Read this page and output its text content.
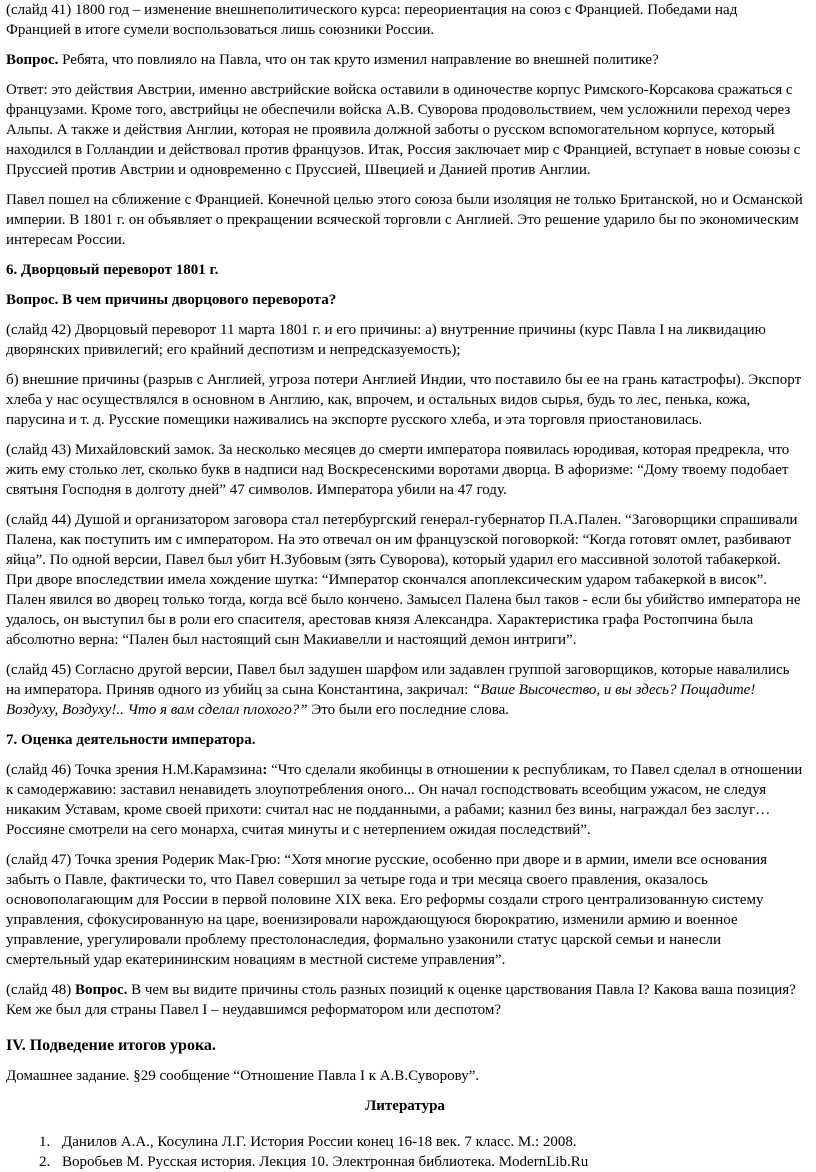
(слайд 41) 1800 год – изменение внешнеполитического курса: переориентация на союз с Францией. Победами над Францией в итоге сумели воспользоваться лишь союзники России.

Вопрос. Ребята, что повлияло на Павла, что он так круто изменил направление во внешней политике?

Ответ: это действия Австрии, именно австрийские войска оставили в одиночестве корпус Римского-Корсакова сражаться с французами. Кроме того, австрийцы не обеспечили войска А.В. Суворова продовольствием, чем усложнили переход через Альпы. А также и действия Англии, которая не проявила должной заботы о русском вспомогательном корпусе, который находился в Голландии и действовал против французов. Итак, Россия заключает мир с Францией, вступает в новые союзы с Пруссией против Австрии и одновременно с Пруссией, Швецией и Данией против Англии.

Павел пошел на сближение с Францией. Конечной целью этого союза были изоляция не только Британской, но и Османской империи. В 1801 г. он объявляет о прекращении всяческой торговли с Англией. Это решение ударило бы по экономическим интересам России.

6. Дворцовый переворот 1801 г.

Вопрос. В чем причины дворцового переворота?

(слайд 42) Дворцовый переворот 11 марта 1801 г. и его причины: а) внутренние причины (курс Павла I на ликвидацию дворянских привилегий; его крайний деспотизм и непредсказуемость);

б) внешние причины (разрыв с Англией, угроза потери Англией Индии, что поставило бы ее на грань катастрофы). Экспорт хлеба у нас осуществлялся в основном в Англию, как, впрочем, и остальных видов сырья, будь то лес, пенька, кожа, парусина и т. д. Русские помещики наживались на экспорте русского хлеба, и эта торговля приостановилась.

(слайд 43) Михайловский замок. За несколько месяцев до смерти императора появилась юродивая, которая предрекла, что жить ему столько лет, сколько букв в надписи над Воскресенскими воротами дворца. В афоризме: “Дому твоему подобает святыня Господня в долготу дней” 47 символов. Императора убили на 47 году.

(слайд 44) Душой и организатором заговора стал петербургский генерал-губернатор П.А.Пален. “Заговорщики спрашивали Палена, как поступить им с императором. На это отвечал он им французской поговоркой: “Когда готовят омлет, разбивают яйца”. По одной версии, Павел был убит Н.Зубовым (зять Суворова), который ударил его массивной золотой табакеркой. При дворе впоследствии имела хождение шутка: “Император скончался апоплексическим ударом табакеркой в висок”. Пален явился во дворец только тогда, когда всё было кончено. Замысел Палена был таков - если бы убийство императора не удалось, он выступил бы в роли его спасителя, арестовав князя Александра. Характеристика графа Ростопчина была абсолютно верна: “Пален был настоящий сын Макиавелли и настоящий демон интриги”.

(слайд 45) Согласно другой версии, Павел был задушен шарфом или задавлен группой заговорщиков, которые навалились на императора. Приняв одного из убийц за сына Константина, закричал: “Ваше Высочество, и вы здесь? Пощадите! Воздуху, Воздуху!.. Что я вам сделал плохого?” Это были его последние слова.

7. Оценка деятельности императора.

(слайд 46) Точка зрения Н.М.Карамзина: “Что сделали якобинцы в отношении к республикам, то Павел сделал в отношении к самодержавию: заставил ненавидеть злоупотребления оного... Он начал господствовать всеобщим ужасом, не следуя никаким Уставам, кроме своей прихоти: считал нас не подданными, а рабами; казнил без вины, награждал без заслуг… Россияне смотрели на сего монарха, считая минуты и с нетерпением ожидая последствий”.

(слайд 47) Точка зрения Родерик Мак-Грю: “Хотя многие русские, особенно при дворе и в армии, имели все основания забыть о Павле, фактически то, что Павел совершил за четыре года и три месяца своего правления, оказалось основополагающим для России в первой половине XIX века. Его реформы создали строго централизованную систему управления, сфокусированную на царе, военизировали нарождающуюся бюрократию, изменили армию и военное управление, урегулировали проблему престолонаследия, формально узаконили статус царской семьи и нанесли смертельный удар екатерининским новациям в местной системе управления”.

(слайд 48) Вопрос. В чем вы видите причины столь разных позиций к оценке царствования Павла I? Какова ваша позиция? Кем же был для страны Павел I – неудавшимся реформатором или деспотом?

IV. Подведение итогов урока.

Домашнее задание. §29 сообщение “Отношение Павла I к А.В.Суворову”.

Литература

1. Данилов А.А., Косулина Л.Г. История России конец 16-18 век. 7 класс. М.: 2008.
2. Воробьев М. Русская история. Лекция 10. Электронная библиотека. ModernLib.Ru
